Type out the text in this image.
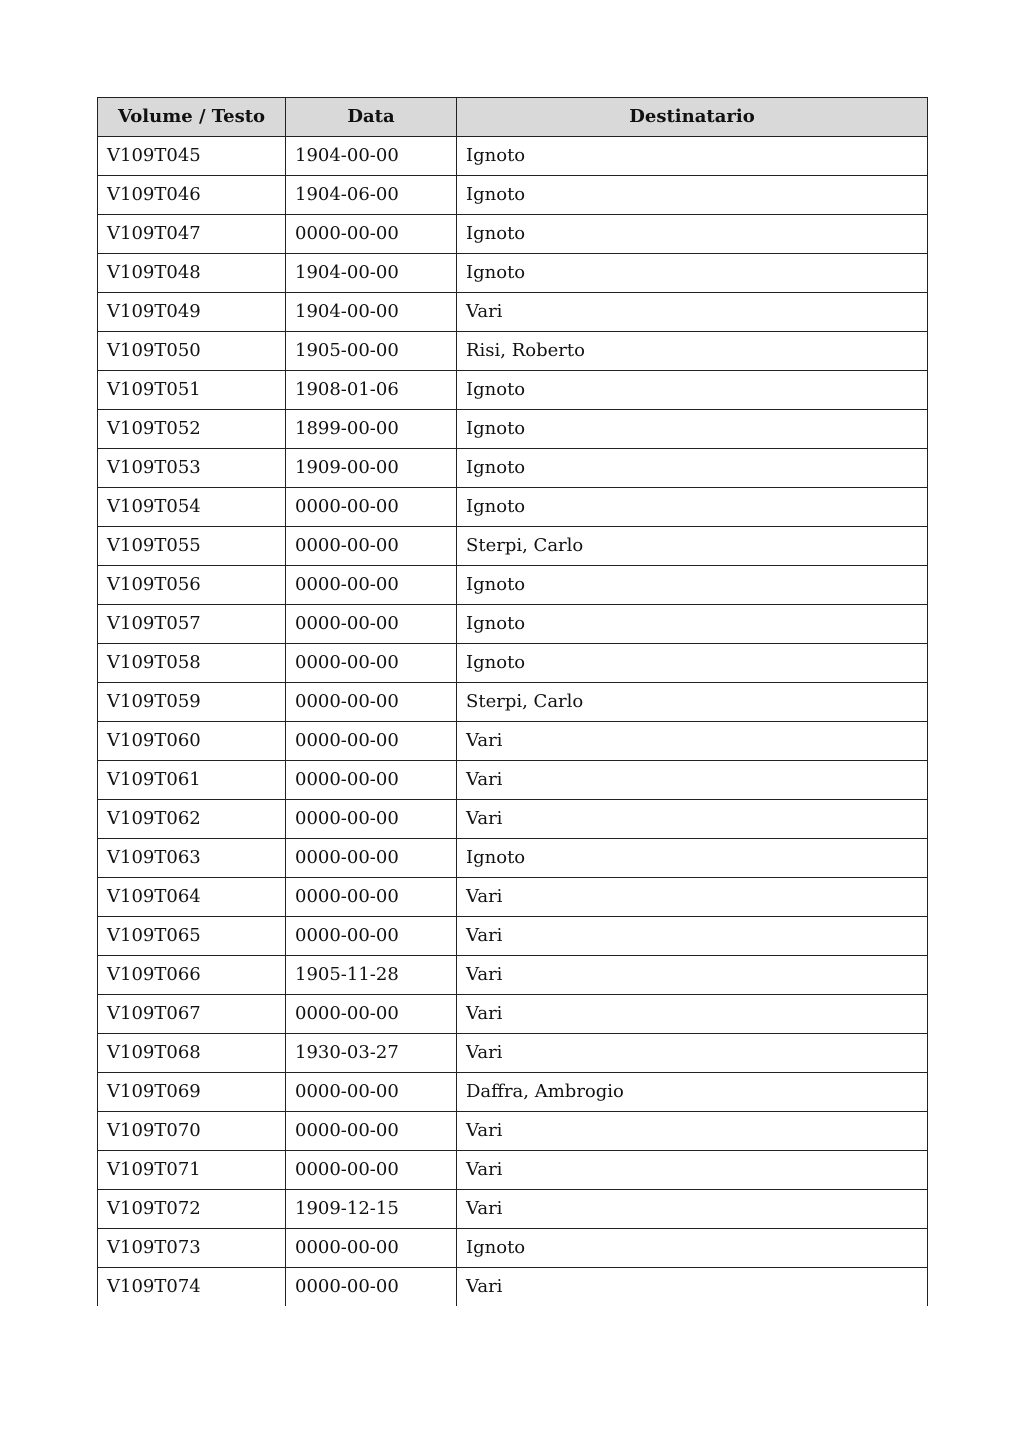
Volume / Testo	Data	Destinatario
V109T045	1904-00-00	Ignoto
V109T046	1904-06-00	Ignoto
V109T047	0000-00-00	Ignoto
V109T048	1904-00-00	Ignoto
V109T049	1904-00-00	Vari
V109T050	1905-00-00	Risi, Roberto
V109T051	1908-01-06	Ignoto
V109T052	1899-00-00	Ignoto
V109T053	1909-00-00	Ignoto
V109T054	0000-00-00	Ignoto
V109T055	0000-00-00	Sterpi, Carlo
V109T056	0000-00-00	Ignoto
V109T057	0000-00-00	Ignoto
V109T058	0000-00-00	Ignoto
V109T059	0000-00-00	Sterpi, Carlo
V109T060	0000-00-00	Vari
V109T061	0000-00-00	Vari
V109T062	0000-00-00	Vari
V109T063	0000-00-00	Ignoto
V109T064	0000-00-00	Vari
V109T065	0000-00-00	Vari
V109T066	1905-11-28	Vari
V109T067	0000-00-00	Vari
V109T068	1930-03-27	Vari
V109T069	0000-00-00	Daffra, Ambrogio
V109T070	0000-00-00	Vari
V109T071	0000-00-00	Vari
V109T072	1909-12-15	Vari
V109T073	0000-00-00	Ignoto
V109T074	0000-00-00	Vari
